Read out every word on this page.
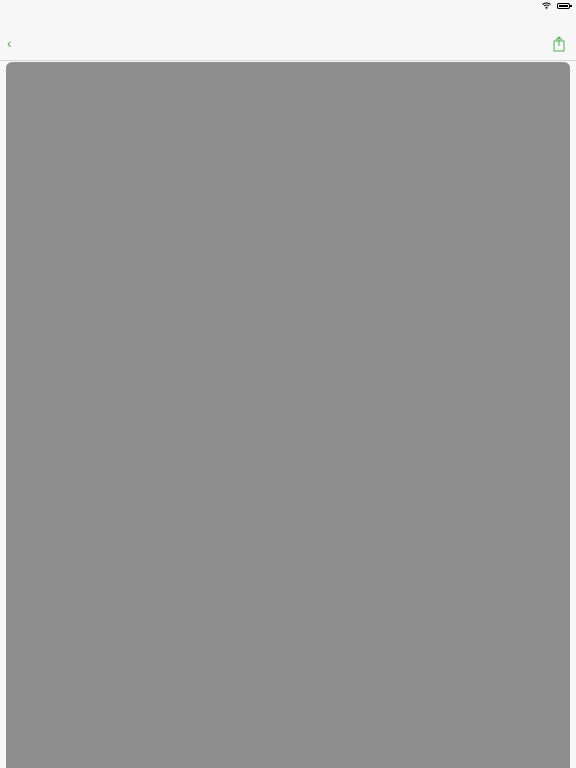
‹
